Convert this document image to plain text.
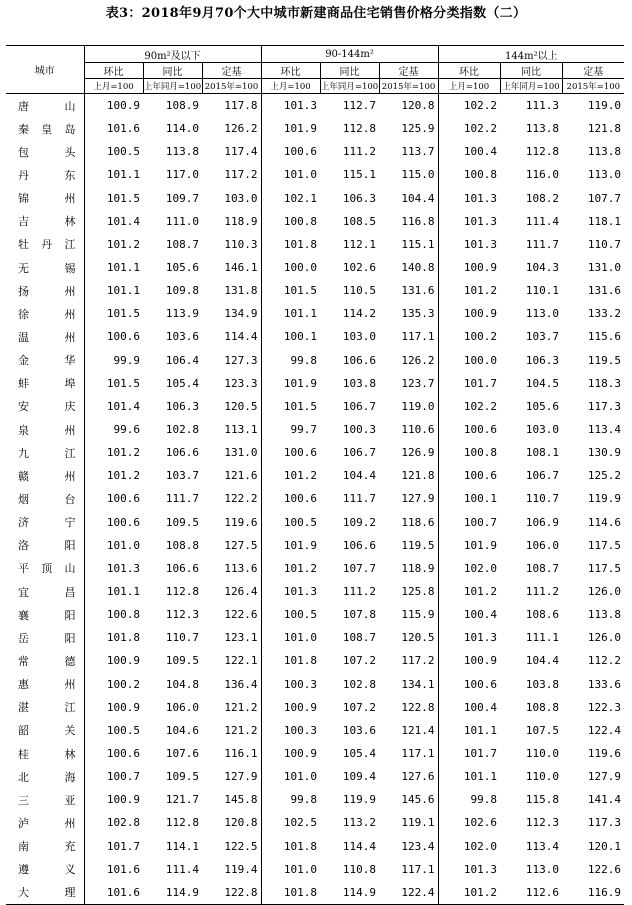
表3：2018年9月70个大中城市新建商品住宅销售价格分类指数（二）
城市	90m²及以下			90-144m²			144m²以上		
	环比	同比	定基	环比	同比	定基	环比	同比	定基
	上月=100	上年同月=100	2015年=100	上月=100	上年同月=100	2015年=100	上月=100	上年同月=100	2015年=100
唐山	100.9	108.9	117.8	101.3	112.7	120.8	102.2	111.3	119.0
秦皇岛	101.6	114.0	126.2	101.9	112.8	125.9	102.2	113.8	121.8
包头	100.5	113.8	117.4	100.6	111.2	113.7	100.4	112.8	113.8
丹东	101.1	117.0	117.2	101.0	115.1	115.0	100.8	116.0	113.0
锦州	101.5	109.7	103.0	102.1	106.3	104.4	101.3	108.2	107.7
吉林	101.4	111.0	118.9	100.8	108.5	116.8	101.3	111.4	118.1
牡丹江	101.2	108.7	110.3	101.8	112.1	115.1	101.3	111.7	110.7
无锡	101.1	105.6	146.1	100.0	102.6	140.8	100.9	104.3	131.0
扬州	101.1	109.8	131.8	101.5	110.5	131.6	101.2	110.1	131.6
徐州	101.5	113.9	134.9	101.1	114.2	135.3	100.9	113.0	133.2
温州	100.6	103.6	114.4	100.1	103.0	117.1	100.2	103.7	115.6
金华	99.9	106.4	127.3	99.8	106.6	126.2	100.0	106.3	119.5
蚌埠	101.5	105.4	123.3	101.9	103.8	123.7	101.7	104.5	118.3
安庆	101.4	106.3	120.5	101.5	106.7	119.0	102.2	105.6	117.3
泉州	99.6	102.8	113.1	99.7	100.3	110.6	100.6	103.0	113.4
九江	101.2	106.6	131.0	100.6	106.7	126.9	100.8	108.1	130.9
赣州	101.2	103.7	121.6	101.2	104.4	121.8	100.6	106.7	125.2
烟台	100.6	111.7	122.2	100.6	111.7	127.9	100.1	110.7	119.9
济宁	100.6	109.5	119.6	100.5	109.2	118.6	100.7	106.9	114.6
洛阳	101.0	108.8	127.5	101.9	106.6	119.5	101.9	106.0	117.5
平顶山	101.3	106.6	113.6	101.2	107.7	118.9	102.0	108.7	117.5
宜昌	101.1	112.8	126.4	101.3	111.2	125.8	101.2	111.2	126.0
襄阳	100.8	112.3	122.6	100.5	107.8	115.9	100.4	108.6	113.8
岳阳	101.8	110.7	123.1	101.0	108.7	120.5	101.3	111.1	126.0
常德	100.9	109.5	122.1	101.8	107.2	117.2	100.9	104.4	112.2
惠州	100.2	104.8	136.4	100.3	102.8	134.1	100.6	103.8	133.6
湛江	100.9	106.0	121.2	100.9	107.2	122.8	100.4	108.8	122.3
韶关	100.5	104.6	121.2	100.3	103.6	121.4	101.1	107.5	122.4
桂林	100.6	107.6	116.1	100.9	105.4	117.1	101.7	110.0	119.6
北海	100.7	109.5	127.9	101.0	109.4	127.6	101.1	110.0	127.9
三亚	100.9	121.7	145.8	99.8	119.9	145.6	99.8	115.8	141.4
泸州	102.8	112.8	120.8	102.5	113.2	119.1	102.6	112.3	117.3
南充	101.7	114.1	122.5	101.8	114.4	123.4	102.0	113.4	120.1
遵义	101.6	111.4	119.4	101.0	110.8	117.1	101.3	113.0	122.6
大理	101.6	114.9	122.8	101.8	114.9	122.4	101.2	112.6	116.9
